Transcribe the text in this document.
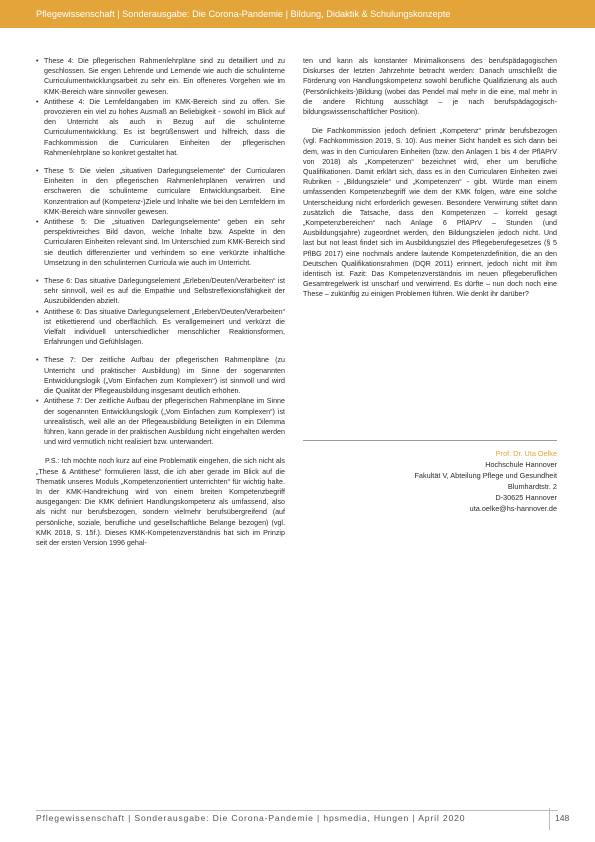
Pflegewissenschaft | Sonderausgabe: Die Corona-Pandemie | Bildung, Didaktik & Schulungskonzepte
• These 4: Die pflegerischen Rahmenlehrpläne sind zu detailliert und zu geschlossen. Sie engen Lehrende und Lernende wie auch die schulinterne Curriculumentwicklungsarbeit zu sehr ein. Ein offeneres Vorgehen wie im KMK-Bereich wäre sinnvoller gewesen.
• Antithese 4: Die Lernfeldangaben im KMK-Bereich sind zu offen. Sie provozieren ein viel zu hohes Ausmaß an Beliebigkeit - sowohl im Blick auf den Unterricht als auch in Bezug auf die schulinterne Curriculumentwicklung. Es ist begrüßenswert und hilfreich, dass die Fachkommission die Curricularen Einheiten der pflegerischen Rahmenlehrpläne so konkret gestaltet hat.
• These 5: Die vielen „situativen Darlegungselemente“ der Curricularen Einheiten in den pflegerischen Rahmenlehrplänen verwirren und erschweren die schulinterne curriculare Entwicklungsarbeit. Eine Konzentration auf (Kompetenz-)Ziele und Inhalte wie bei den Lernfeldern im KMK-Bereich wäre sinnvoller gewesen.
• Antithese 5: Die „situativen Darlegungselemente“ geben ein sehr perspektivreiches Bild davon, welche Inhalte bzw. Aspekte in den Curricularen Einheiten relevant sind. Im Unterschied zum KMK-Bereich sind sie deutlich differenzierter und verhindern so eine verkürzte inhaltliche Umsetzung in den schulinternen Curricula wie auch im Unterricht.
• These 6: Das situative Darlegungselement „Erleben/Deuten/Verarbeiten“ ist sehr sinnvoll, weil es auf die Empathie und Selbstreflexionsfähigkeit der Auszubildenden abzielt.
• Antithese 6: Das situative Darlegungselement „Erleben/Deuten/Verarbeiten“ ist etikettierend und oberflächlich. Es verallgemeinert und verkürzt die Vielfalt individuell unterschiedlicher menschlicher Reaktionsformen, Erfahrungen und Gefühlslagen.
• These 7: Der zeitliche Aufbau der pflegerischen Rahmenpläne (zu Unterricht und praktischer Ausbildung) im Sinne der sogenannten Entwicklungslogik („Vom Einfachen zum Komplexen“) ist sinnvoll und wird die Qualität der Pflegeausbildung insgesamt deutlich erhöhen.
• Antithese 7: Der zeitliche Aufbau der pflegerischen Rahmenpläne im Sinne der sogenannten Entwicklungslogik („Vom Einfachen zum Komplexen“) ist unrealistisch, weil alle an der Pflegeausbildung Beteiligten in ein Dilemma führen, kann gerade in der praktischen Ausbildung nicht eingehalten werden und wird vermutlich nicht realisiert bzw. unterwandert.

P.S.: Ich möchte noch kurz auf eine Problematik eingehen, die sich nicht als „These & Antithese“ formulieren lässt, die ich aber gerade im Blick auf die Thematik unseres Moduls „Kompetenzorientiert unterrichten“ für wichtig halte. In der KMK-Handreichung wird von einem breiten Kompetenzbegriff ausgegangen: Die KMK definiert Handlungskompetenz als umfassend, also als nicht nur berufsbezogen, sondern vielmehr berufsübergreifend (auf persönliche, soziale, berufliche und gesellschaftliche Belange bezogen) (vgl. KMK 2018, S. 15f.). Dieses KMK-Kompetenzverständnis hat sich im Prinzip seit der ersten Version 1996 gehal-

ten und kann als konstanter Minimalkonsens des berufspädagogischen Diskurses der letzten Jahrzehnte betracht werden: Danach umschließt die Förderung von Handlungskompetenz sowohl berufliche Qualifizierung als auch (Persönlichkeits-)Bildung (wobei das Pendel mal mehr in die eine, mal mehr in die andere Richtung ausschlägt – je nach berufspädagogisch-bildungswissenschaftlicher Position).

Die Fachkommission jedoch definiert „Kompetenz“ primär berufsbezogen (vgl. Fachkommission 2019, S. 10). Aus meiner Sicht handelt es sich dann bei dem, was in den Curricularen Einheiten (bzw. den Anlagen 1 bis 4 der PflAPrV von 2018) als „Kompetenzen“ bezeichnet wird, eher um berufliche Qualifikationen. Damit erklärt sich, dass es in den Curricularen Einheiten zwei Rubriken - „Bildungsziele“ und „Kompetenzen“ - gibt. Würde man einem umfassenden Kompetenzbegriff wie dem der KMK folgen, wäre eine solche Unterscheidung nicht erforderlich gewesen. Besondere Verwirrung stiftet dann zusätzlich die Tatsache, dass den Kompetenzen – korrekt gesagt „Kompetenzbereichen“ nach Anlage 6 PflAPrV – Stunden (und Ausbildungsjahre) zugeordnet werden, den Bildungszielen jedoch nicht. Und last but not least findet sich im Ausbildungsziel des Pflegeberufegesetzes (§ 5 PflBG 2017) eine nochmals andere lautende Kompetenzdefinition, die an den Deutschen Qualifikationsrahmen (DQR 2011) erinnert, jedoch nicht mit ihm identisch ist. Fazit: Das Kompetenzverständnis im neuen pflegeberuflichen Gesamtregelwerk ist unscharf und verwirrend. Es dürfte – nun doch noch eine These – zukünftig zu einigen Problemen führen. Wie denkt ihr darüber?

Prof. Dr. Uta Oelke
Hochschule Hannover
Fakultät V, Abteilung Pflege und Gesundheit
Blumhardtstr. 2
D-30625 Hannover
uta.oelke@hs-hannover.de
Pflegewissenschaft | Sonderausgabe: Die Corona-Pandemie | hpsmedia, Hungen | April 2020	148
